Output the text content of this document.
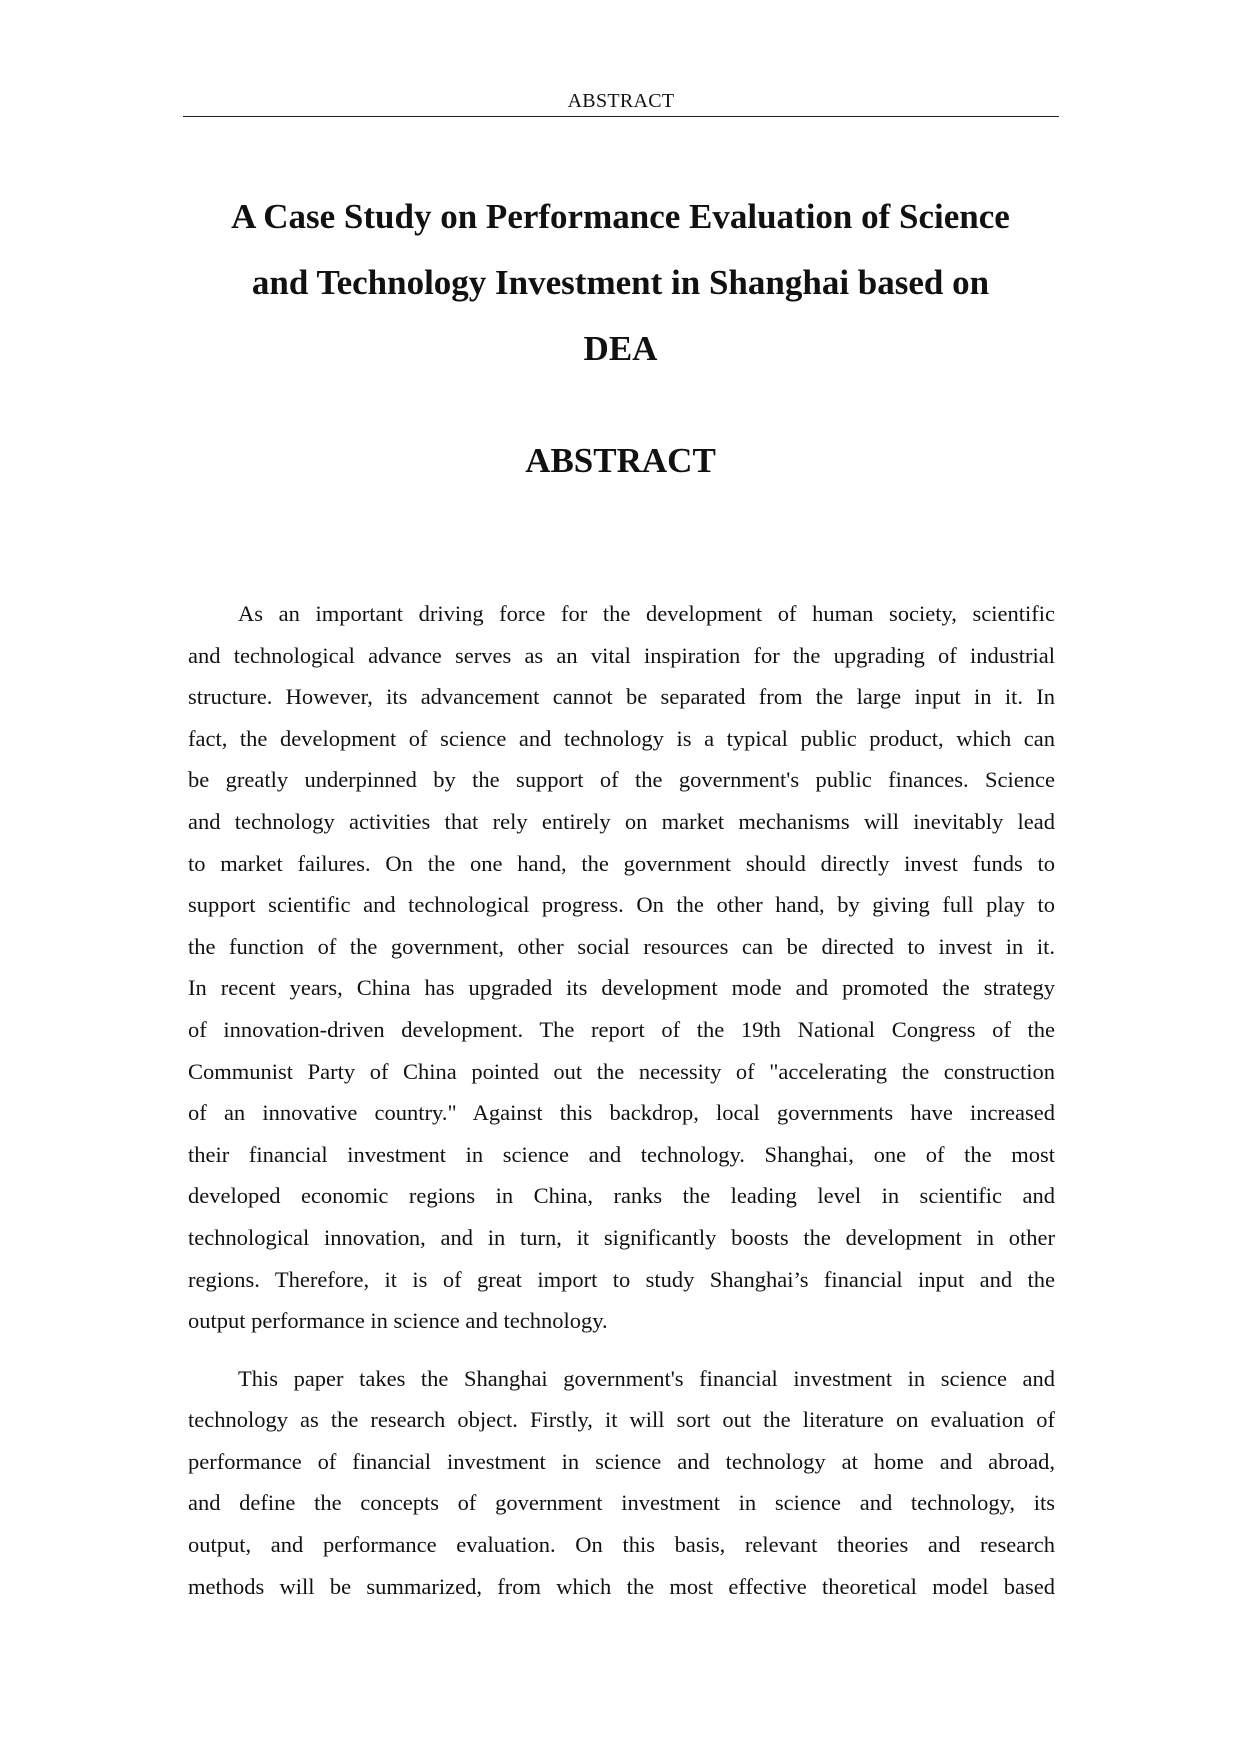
ABSTRACT
A Case Study on Performance Evaluation of Science
and Technology Investment in Shanghai based on
DEA
ABSTRACT
As an important driving force for the development of human society, scientific
and technological advance serves as an vital inspiration for the upgrading of industrial
structure. However, its advancement cannot be separated from the large input in it. In
fact, the development of science and technology is a typical public product, which can
be greatly underpinned by the support of the government's public finances. Science
and technology activities that rely entirely on market mechanisms will inevitably lead
to market failures. On the one hand, the government should directly invest funds to
support scientific and technological progress. On the other hand, by giving full play to
the function of the government, other social resources can be directed to invest in it.
In recent years, China has upgraded its development mode and promoted the strategy
of innovation-driven development. The report of the 19th National Congress of the
Communist Party of China pointed out the necessity of "accelerating the construction
of an innovative country." Against this backdrop, local governments have increased
their financial investment in science and technology. Shanghai, one of the most
developed economic regions in China, ranks the leading level in scientific and
technological innovation, and in turn, it significantly boosts the development in other
regions. Therefore, it is of great import to study Shanghai’s financial input and the
output performance in science and technology.
This paper takes the Shanghai government's financial investment in science and
technology as the research object. Firstly, it will sort out the literature on evaluation of
performance of financial investment in science and technology at home and abroad,
and define the concepts of government investment in science and technology, its
output, and performance evaluation. On this basis, relevant theories and research
methods will be summarized, from which the most effective theoretical model based
